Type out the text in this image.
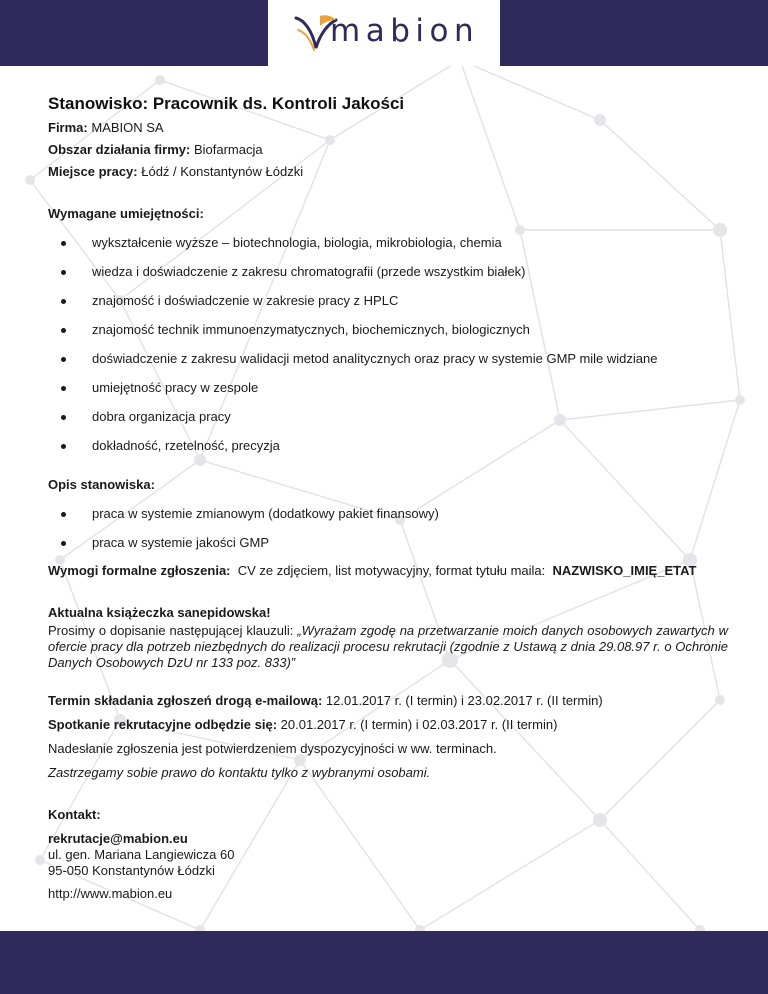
mabion
Stanowisko: Pracownik ds. Kontroli Jakości
Firma: MABION SA
Obszar działania firmy: Biofarmacja
Miejsce pracy: Łódź / Konstantynów Łódzki
Wymagane umiejętności:
wykształcenie wyższe – biotechnologia, biologia, mikrobiologia, chemia
wiedza i doświadczenie z zakresu chromatografii (przede wszystkim białek)
znajomość i doświadczenie w zakresie pracy z HPLC
znajomość technik immunoenzymatycznych, biochemicznych, biologicznych
doświadczenie z zakresu walidacji metod analitycznych oraz pracy w systemie GMP mile widziane
umiejętność pracy w zespole
dobra organizacja pracy
dokładność, rzetelność, precyzja
Opis stanowiska:
praca w systemie zmianowym (dodatkowy pakiet finansowy)
praca w systemie jakości GMP
Wymogi formalne zgłoszenia: CV ze zdjęciem, list motywacyjny, format tytułu maila: NAZWISKO_IMIĘ_ETAT
Aktualna książeczka sanepidowska!

Prosimy o dopisanie następującej klauzuli: „Wyrażam zgodę na przetwarzanie moich danych osobowych zawartych w ofercie pracy dla potrzeb niezbędnych do realizacji procesu rekrutacji (zgodnie z Ustawą z dnia 29.08.97 r. o Ochronie Danych Osobowych DzU nr 133 poz. 833)”

Termin składania zgłoszeń drogą e-mailową: 12.01.2017 r. (I termin) i 23.02.2017 r. (II termin)
Spotkanie rekrutacyjne odbędzie się: 20.01.2017 r. (I termin) i 02.03.2017 r. (II termin)
Nadesłanie zgłoszenia jest potwierdzeniem dyspozycyjności w ww. terminach.
Zastrzegamy sobie prawo do kontaktu tylko z wybranymi osobami.
Kontakt:
rekrutacje@mabion.eu
ul. gen. Mariana Langiewicza 60
95-050 Konstantynów Łódzki
http://www.mabion.eu
